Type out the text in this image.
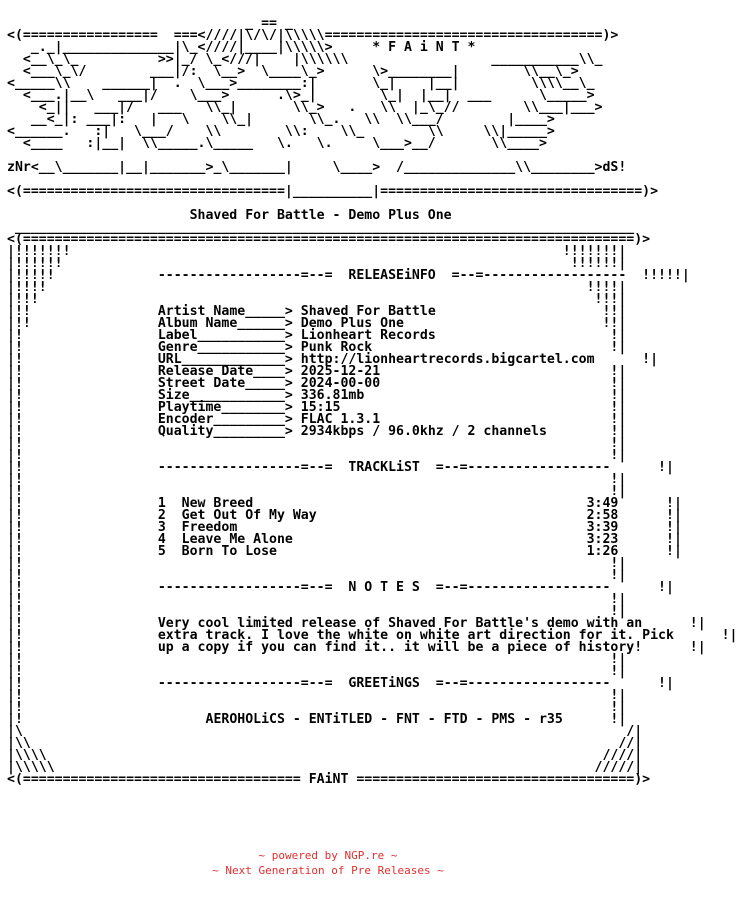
_ == _
<(=================  ===<////|\/\/|\\\\\===================================)>
_._|______________|\_<////|____|\\\\\>     * F A i N T *
<__\_\_          >>|_/ \_<///|    |\\\\\\                  ___________\\_
<___\_\/        ___|/:  \__>  \____\_>      \>________|        \\__\_>
<_____\\    ______|  .  \___>________:|       \_|    |__|         \\\\__\_
<___.|__\   ___|/    \___>      .\>_|        \_|  |__|  ___      \_____>
<_||   ___|/   ___   \\_|       \\_>   .   \\  |_\_//        \\___|___>
__<_|: ___|:   |   \    \\_|       \\_.   \\  \\___/        |____>
<______.   :|   \___/    \\        \\:    \\_        \\     \\|_____>
<____   :|__|  \\_____.\_____   \.   \.     \___>__/       \\____>

zNr<__\_______|__|_______>_\_______|     \____>  /______________\\________>dS!

<(=================================|__________|=================================)>

Shaved For Battle - Demo Plus One
______________________________________________________________________________
<(=============================================================================)>
|!!!!!!!                                                              !!!!!!!|
|!!!!!!                                                                !!!!!!|
|!!!!!             ------------------=--=  RELEASEiNFO  =--=------------------  !!!!!|
|!!!!                                                                    !!!!|
|!!!                                                                      !!!|
|!!	Artist Name_____> Shaved For Battle	!!|
|!!	Album Name______> Demo Plus One	!!|
|!	Label___________> Lionheart Records	!|
|!	Genre___________> Punk Rock	!|
|!	URL_____________> http://lionheartrecords.bigcartel.com	!|
|!	Release Date____> 2025-12-21	!|
|!	Street Date_____> 2024-00-00	!|
|!	Size____________> 336.81mb	!|
|!	Playtime________> 15:15	!|
|!	Encoder_________> FLAC 1.3.1	!|
|!	Quality_________> 2934kbps / 96.0khz / 2 channels	!|
|!                                                                          !|
|!                                                                          !|
|!                 ------------------=--=  TRACKLiST  =--=------------------      !|
|!                                                                          !|
|!                                                                          !|
|!	1  New Breed                                          3:49	!|
|!	2  Get Out Of My Way                                  2:58	!|
|!	3  Freedom                                            3:39	!|
|!	4  Leave Me Alone                                     3:23	!|
|!	5  Born To Lose                                       1:26	!|
|!                                                                          !|
|!                                                                          !|
|!                 ------------------=--=  N O T E S  =--=------------------      !|
|!                                                                          !|
|!                                                                          !|
|!	Very cool limited release of Shaved For Battle's demo with an	!|
|!	extra track. I love the white on white art direction for it. Pick	!|
|!	up a copy if you can find it.. it will be a piece of history!	!|
|!                                                                          !|
|!                                                                          !|
|!                 ------------------=--=  GREETiNGS  =--=------------------      !|
|!                                                                          !|
|!                                                                          !|
|!	AEROHOLiCS - ENTiTLED - FNT - FTD - PMS - r35	!|
|\                                                                            /|
|\\                                                                          //|
|\\\\                                                                      ////|
|\\\\\                                                                    /////|
<(=================================== FAiNT ===================================)>
~ powered by NGP.re ~
~ Next Generation of Pre Releases ~
